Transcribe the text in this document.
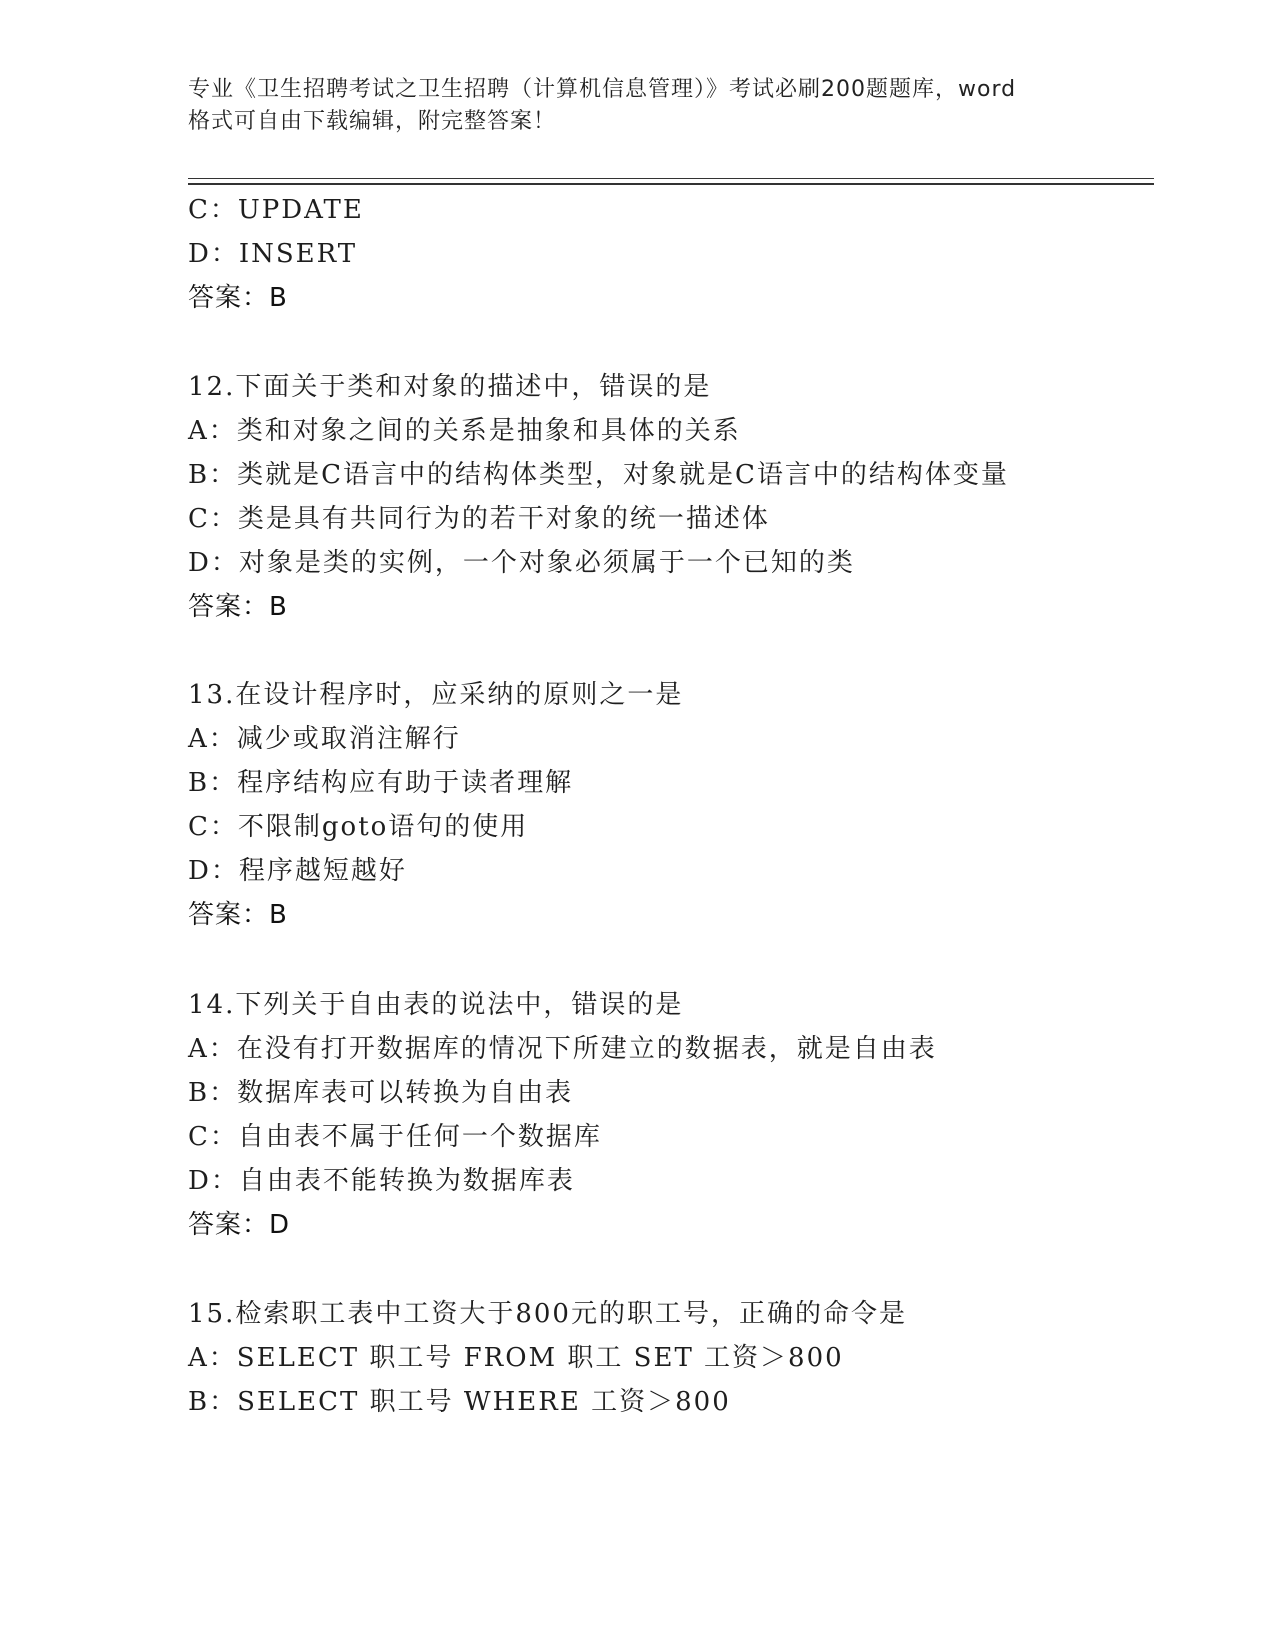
专业《卫生招聘考试之卫生招聘（计算机信息管理）》考试必刷200题题库，word
格式可自由下载编辑，附完整答案！
C：UPDATE
D：INSERT
答案：B
12.下面关于类和对象的描述中，错误的是
A：类和对象之间的关系是抽象和具体的关系
B：类就是C语言中的结构体类型，对象就是C语言中的结构体变量
C：类是具有共同行为的若干对象的统一描述体
D：对象是类的实例，一个对象必须属于一个已知的类
答案：B
13.在设计程序时，应采纳的原则之一是
A：减少或取消注解行
B：程序结构应有助于读者理解
C：不限制goto语句的使用
D：程序越短越好
答案：B
14.下列关于自由表的说法中，错误的是
A：在没有打开数据库的情况下所建立的数据表，就是自由表
B：数据库表可以转换为自由表
C：自由表不属于任何一个数据库
D：自由表不能转换为数据库表
答案：D
15.检索职工表中工资大于800元的职工号，正确的命令是
A：SELECT 职工号 FROM 职工 SET 工资＞800
B：SELECT 职工号 WHERE 工资＞800
